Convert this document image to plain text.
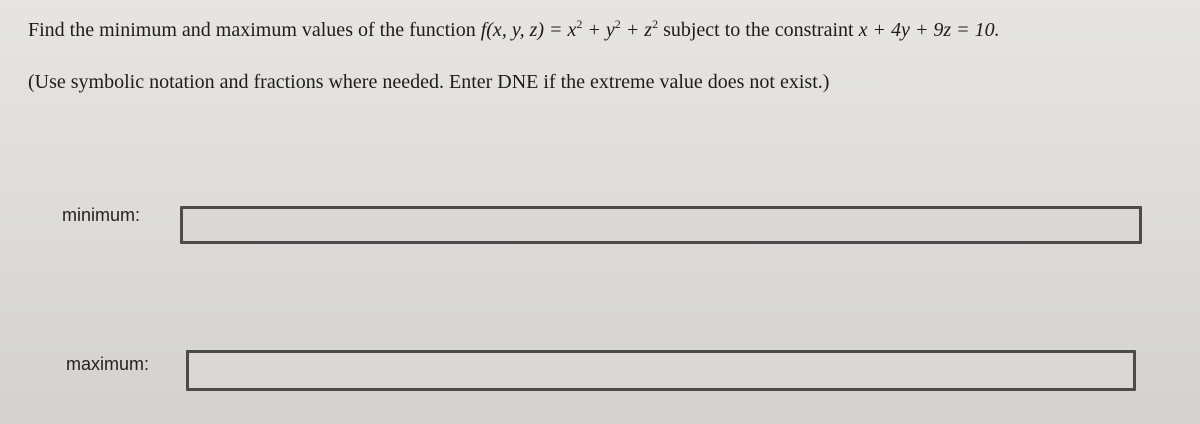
Find the minimum and maximum values of the function f(x, y, $z) = x^2 + y^2 + z^2$ subject to the constraint x + 4y + 9z = 10.
(Use symbolic notation and fractions where needed. Enter DNE if the extreme value does not exist.)
minimum:
maximum:
